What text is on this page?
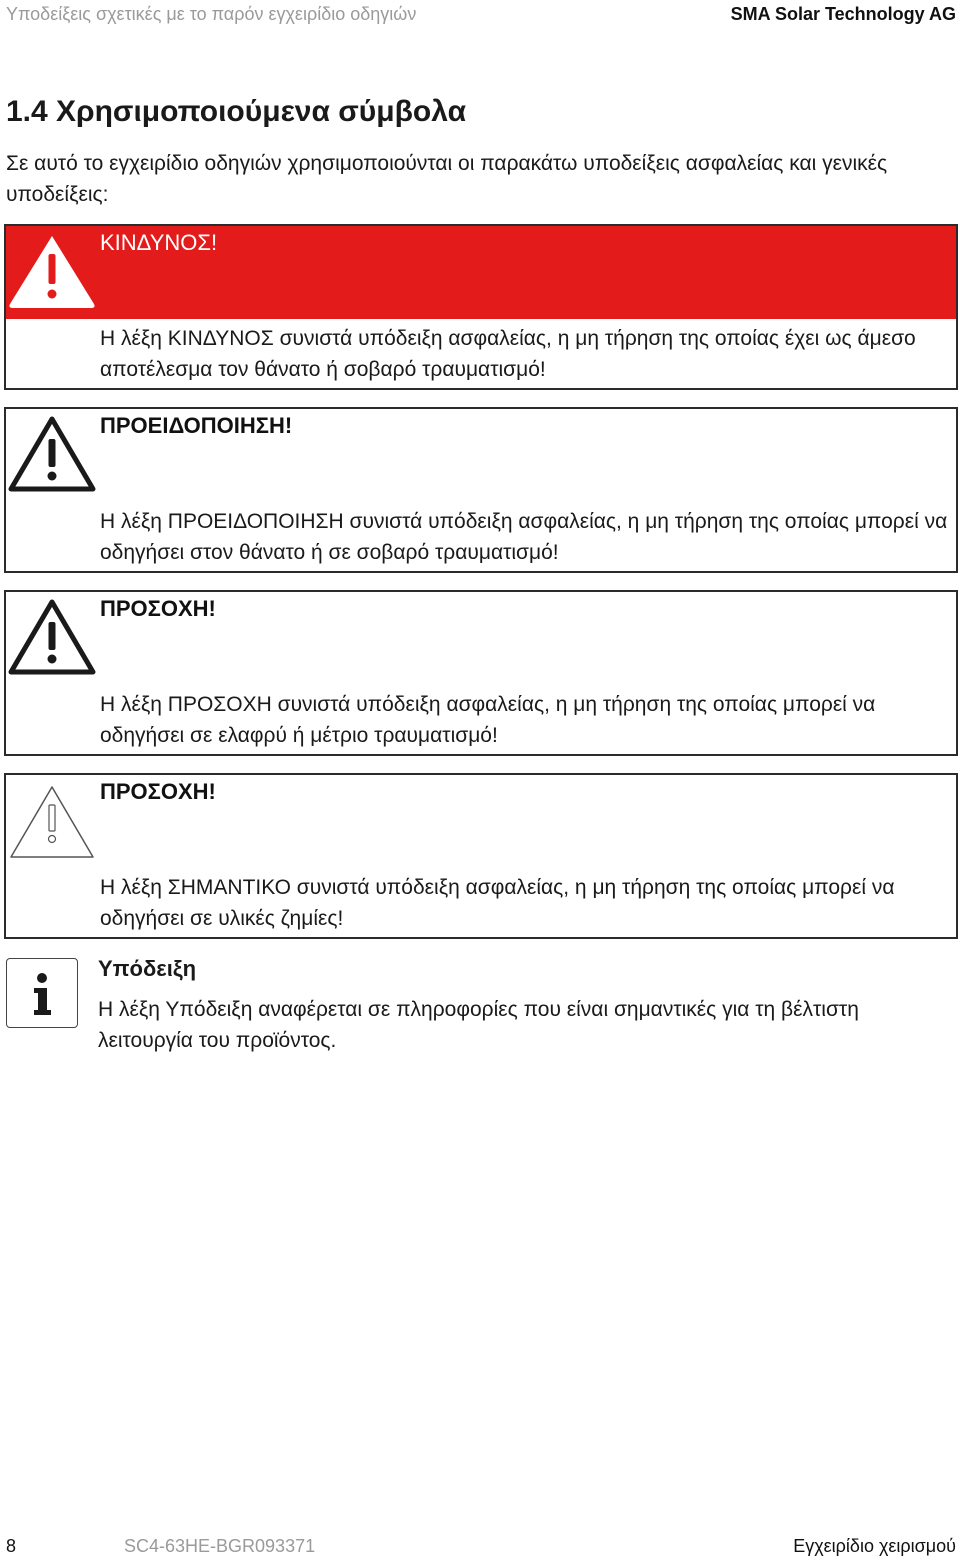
Υποδείξεις σχετικές με το παρόν εγχειρίδιο οδηγιών	SMA Solar Technology AG
1.4 Χρησιμοποιούμενα σύμβολα
Σε αυτό το εγχειρίδιο οδηγιών χρησιμοποιούνται οι παρακάτω υποδείξεις ασφαλείας και γενικές υποδείξεις:
ΚΙΝΔΥΝΟΣ!
Η λέξη ΚΙΝΔΥΝΟΣ συνιστά υπόδειξη ασφαλείας, η μη τήρηση της οποίας έχει ως άμεσο αποτέλεσμα τον θάνατο ή σοβαρό τραυματισμό!
ΠΡΟΕΙΔΟΠΟΙΗΣΗ!
Η λέξη ΠΡΟΕΙΔΟΠΟΙΗΣΗ συνιστά υπόδειξη ασφαλείας, η μη τήρηση της οποίας μπορεί να οδηγήσει στον θάνατο ή σε σοβαρό τραυματισμό!
ΠΡΟΣΟΧΗ!
Η λέξη ΠΡΟΣΟΧΗ συνιστά υπόδειξη ασφαλείας, η μη τήρηση της οποίας μπορεί να οδηγήσει σε ελαφρύ ή μέτριο τραυματισμό!
ΠΡΟΣΟΧΗ!
Η λέξη ΣΗΜΑΝΤΙΚΟ συνιστά υπόδειξη ασφαλείας, η μη τήρηση της οποίας μπορεί να οδηγήσει σε υλικές ζημίες!
Υπόδειξη
Η λέξη Υπόδειξη αναφέρεται σε πληροφορίες που είναι σημαντικές για τη βέλτιστη λειτουργία του προϊόντος.
8	SC4-63HE-BGR093371	Εγχειρίδιο χειρισμού
